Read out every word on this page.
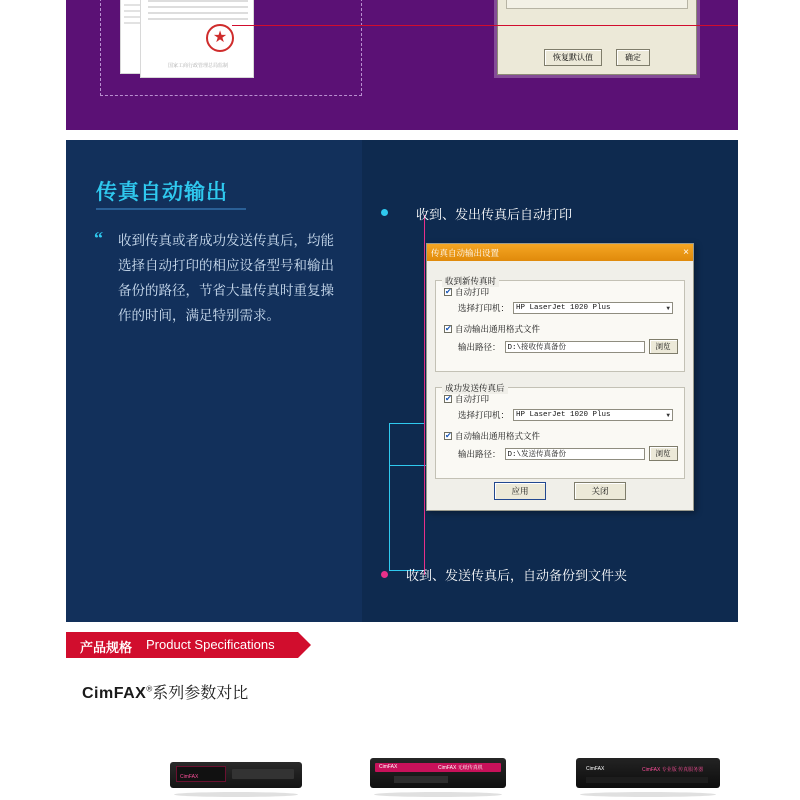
★
国家工商行政管理总局监制
恢复默认值	确定
传真自动输出
“ 收到传真或者成功发送传真后，均能选择自动打印的相应设备型号和输出备份的路径，节省大量传真时重复操作的时间，满足特别需求。
收到、发出传真后自动打印
收到、发送传真后，自动备份到文件夹
传真自动输出设置	×
收到新传真时
✔自动打印
选择打印机： HP LaserJet 1020 Plus	▼
✔自动输出通用格式文件
输出路径： D:\接收传真备份	浏览
成功发送传真后
✔自动打印
选择打印机： HP LaserJet 1020 Plus	▼
✔自动输出通用格式文件
输出路径： D:\发送传真备份	浏览
应用	关闭
产品规格 Product Specifications
CimFAX®系列参数对比
CimFAX
CimFAX	CimFAX 无纸传真机	CimFAX	CimFAX 专业版 传真服务器
